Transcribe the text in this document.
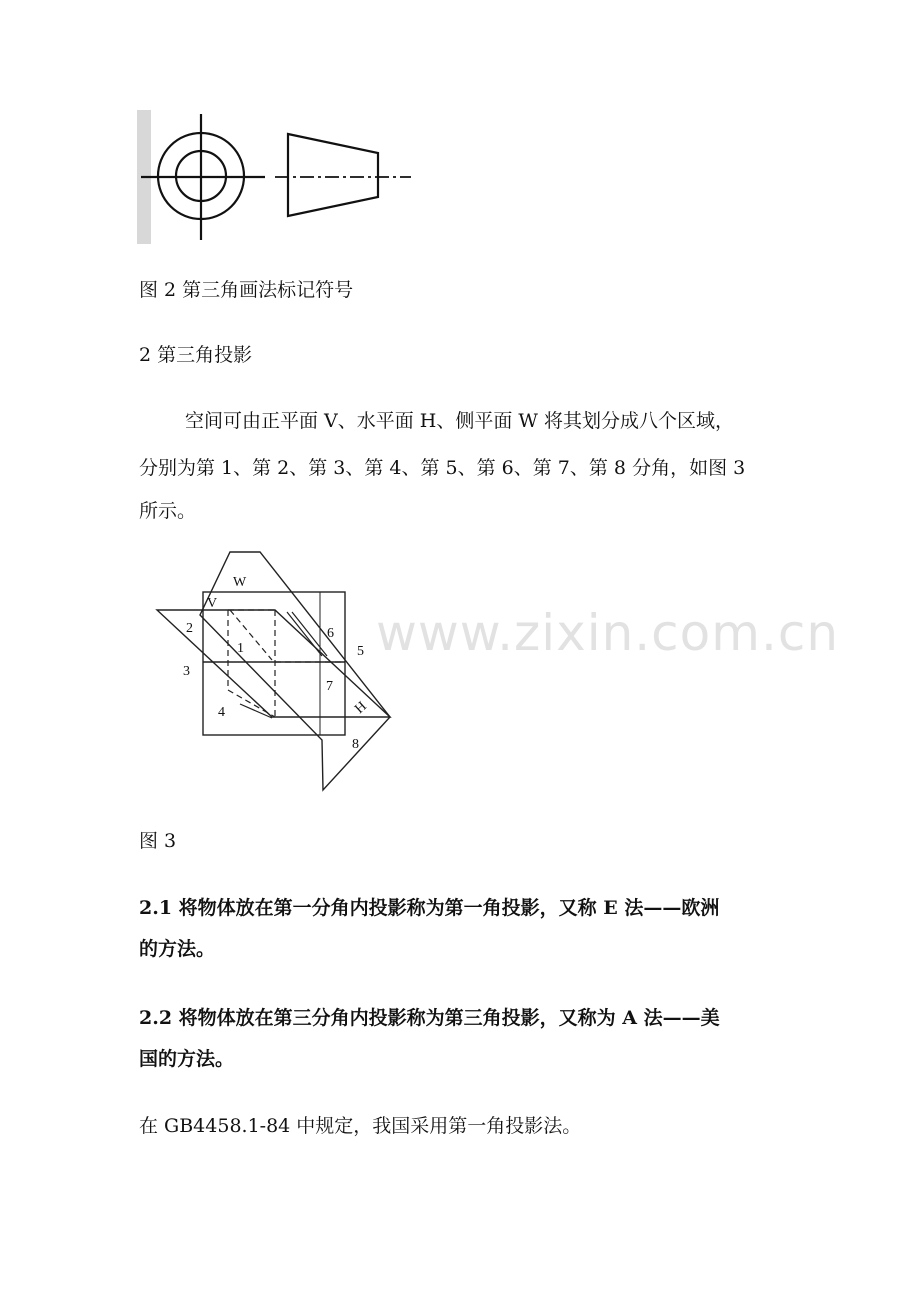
图 2 第三角画法标记符号
2 第三角投影
空间可由正平面 V、水平面 H、侧平面 W 将其划分成八个区域，
分别为第 1、第 2、第 3、第 4、第 5、第 6、第 7、第 8 分角，如图 3
所示。
W
V
H
1
2
3
4
5
6
7
8
www.zixin.com.cn
图 3
2.1 将物体放在第一分角内投影称为第一角投影，又称 E 法——欧洲
的方法。
2.2 将物体放在第三分角内投影称为第三角投影，又称为 A 法——美
国的方法。
在 GB4458.1-84 中规定，我国采用第一角投影法。
